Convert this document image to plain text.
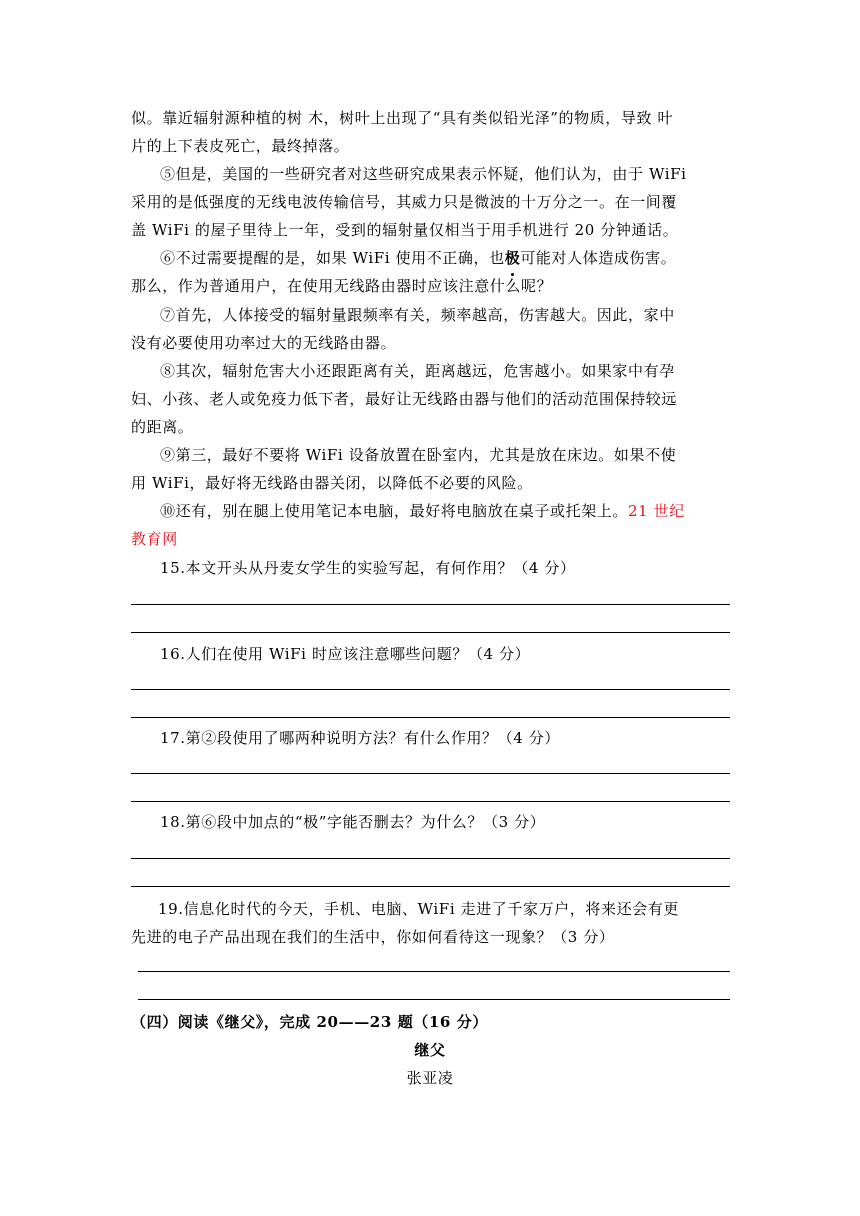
似。靠近辐射源种植的树 木，树叶上出现了“具有类似铅光泽”的物质，导致 叶
片的上下表皮死亡，最终掉落。
⑤但是，美国的一些研究者对这些研究成果表示怀疑，他们认为，由于 WiFi
采用的是低强度的无线电波传输信号，其威力只是微波的十万分之一。在一间覆
盖 WiFi 的屋子里待上一年，受到的辐射量仅相当于用手机进行 20 分钟通话。
⑥不过需要提醒的是，如果 WiFi 使用不正确，也极可能对人体造成伤害。
那么，作为普通用户，在使用无线路由器时应该注意什么呢？
⑦首先，人体接受的辐射量跟频率有关，频率越高，伤害越大。因此，家中
没有必要使用功率过大的无线路由器。
⑧其次，辐射危害大小还跟距离有关，距离越远，危害越小。如果家中有孕
妇、小孩、老人或免疫力低下者，最好让无线路由器与他们的活动范围保持较远
的距离。
⑨第三，最好不要将 WiFi 设备放置在卧室内，尤其是放在床边。如果不使
用 WiFi，最好将无线路由器关闭，以降低不必要的风险。
⑩还有，别在腿上使用笔记本电脑，最好将电脑放在桌子或托架上。21 世纪
教育网
15.本文开头从丹麦女学生的实验写起，有何作用？（4 分）
16.人们在使用 WiFi 时应该注意哪些问题？（4 分）
17.第②段使用了哪两种说明方法？有什么作用？（4 分）
18.第⑥段中加点的“极”字能否删去？为什么？（3 分）
19.信息化时代的今天，手机、电脑、WiFi 走进了千家万户，将来还会有更
先进的电子产品出现在我们的生活中，你如何看待这一现象？（3 分）
（四）阅读《继父》，完成 20——23 题（16 分）
继父
张亚凌
